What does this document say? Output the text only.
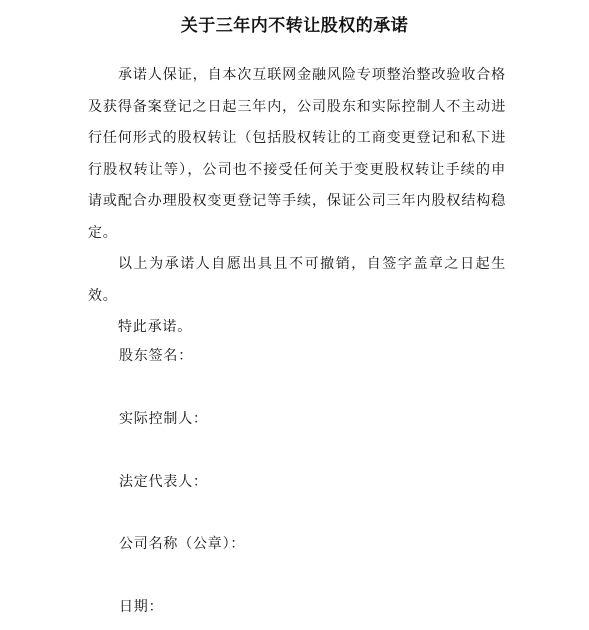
关于三年内不转让股权的承诺

承诺人保证，自本次互联网金融风险专项整治整改验收合格及获得备案登记之日起三年内，公司股东和实际控制人不主动进行任何形式的股权转让（包括股权转让的工商变更登记和私下进行股权转让等），公司也不接受任何关于变更股权转让手续的申请或配合办理股权变更登记等手续，保证公司三年内股权结构稳定。

以上为承诺人自愿出具且不可撤销，自签字盖章之日起生效。

特此承诺。

股东签名：
实际控制人：
法定代表人：
公司名称（公章）：
日期：
